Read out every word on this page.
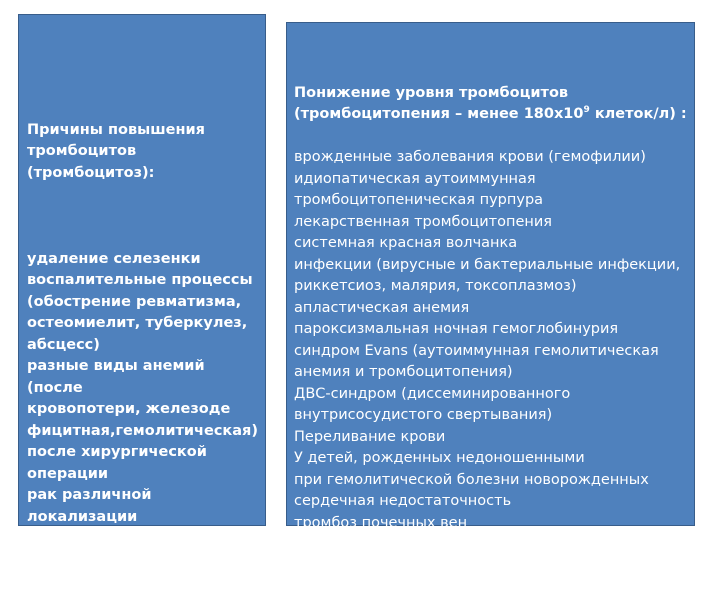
Причины повышения
тромбоцитов (тромбоцитоз):

удаление селезенки
воспалительные процессы
(обострение ревматизма,
остеомиелит, туберкулез,
абсцесс)
разные виды анемий (после
кровопотери, железоде
фицитная,гемолитическая)
после хирургической
операции
рак различной локализации
физическое переутомление
эритремия

Понижение уровня тромбоцитов
(тромбоцитопения – менее $180x10^9$ клеток/л) :

врожденные заболевания крови (гемофилии)
идиопатическая аутоиммунная
тромбоцитопеническая пурпура
лекарственная тромбоцитопения
системная красная волчанка
инфекции (вирусные и бактериальные инфекции,
риккетсиоз, малярия, токсоплазмоз)
апластическая анемия
пароксизмальная ночная гемоглобинурия
синдром Evans (аутоиммунная гемолитическая
анемия и тромбоцитопения)
ДВС-синдром (диссеминированного
внутрисосудистого свертывания)
Переливание крови
У детей, рожденных недоношенными
при гемолитической болезни новорожденных
сердечная недостаточность
тромбоз почечных вен
